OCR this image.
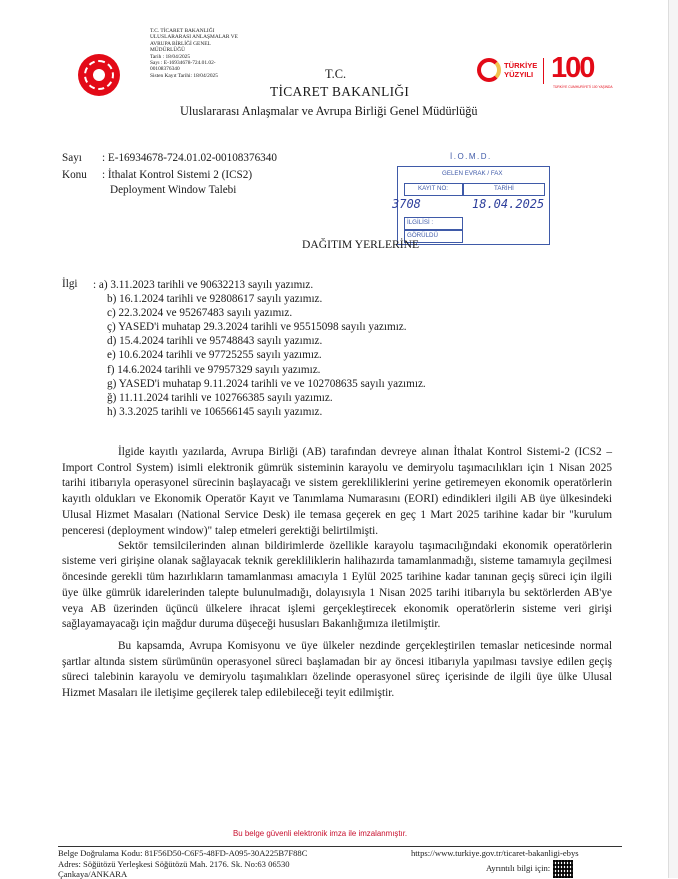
T.C. TİCARET BAKANLIĞI
ULUSLARARASI ANLAŞMALAR VE
AVRUPA BİRLİĞİ GENEL
MÜDÜRLÜĞÜ
Tarih : 18/04/2025
Sayı : E-16934678-724.01.02-
00108376340
Sisten Kayıt Tarihi: 18/04/2025	T.C.
TİCARET BAKANLIĞI
Uluslararası Anlaşmalar ve Avrupa Birliği Genel Müdürlüğü
TÜRKİYE
YÜZYILI 100
TÜRKİYE CUMHURİYETİ 100 YAŞINDA
Sayı : E-16934678-724.01.02-00108376340
Konu : İthalat Kontrol Sistemi 2 (ICS2)
Deployment Window Talebi
İ.O.M.D.
GELEN EVRAK / FAX
KAYIT NO:	TARİHİ
3708	18.04.2025
İLGİLİSİ :
GÖRÜLDÜ
DAĞITIM YERLERİNE
İlgi : a) 3.11.2023 tarihli ve 90632213 sayılı yazımız.
b) 16.1.2024 tarihli ve 92808617 sayılı yazımız.
c) 22.3.2024 ve 95267483 sayılı yazımız.
ç) YASED'i muhatap 29.3.2024 tarihli ve 95515098 sayılı yazımız.
d) 15.4.2024 tarihli ve 95748843 sayılı yazımız.
e) 10.6.2024 tarihli ve 97725255 sayılı yazımız.
f) 14.6.2024 tarihli ve 97957329 sayılı yazımız.
g) YASED'i muhatap 9.11.2024 tarihli ve ve 102708635 sayılı yazımız.
ğ) 11.11.2024 tarihli ve 102766385 sayılı yazımız.
h) 3.3.2025 tarihli ve 106566145 sayılı yazımız.

İlgide kayıtlı yazılarda, Avrupa Birliği (AB) tarafından devreye alınan İthalat Kontrol Sistemi-2 (ICS2 – Import Control System) isimli elektronik gümrük sisteminin karayolu ve demiryolu taşımacılıkları için 1 Nisan 2025 tarihi itibarıyla operasyonel sürecinin başlayacağı ve sistem gerekliliklerini yerine getiremeyen ekonomik operatörlerin kayıtlı oldukları ve Ekonomik Operatör Kayıt ve Tanımlama Numarasını (EORI) edindikleri ilgili AB üye ülkesindeki Ulusal Hizmet Masaları (National Service Desk) ile temasa geçerek en geç 1 Mart 2025 tarihine kadar bir "kurulum penceresi (deployment window)" talep etmeleri gerektiği belirtilmişti.

Sektör temsilcilerinden alınan bildirimlerde özellikle karayolu taşımacılığındaki ekonomik operatörlerin sisteme veri girişine olanak sağlayacak teknik gerekliliklerin halihazırda tamamlanmadığı, sisteme tamamıyla geçilmesi öncesinde gerekli tüm hazırlıkların tamamlanması amacıyla 1 Eylül 2025 tarihine kadar tanınan geçiş süreci için ilgili üye ülke gümrük idarelerinden talepte bulunulmadığı, dolayısıyla 1 Nisan 2025 tarihi itibarıyla bu sektörlerden AB'ye veya AB üzerinden üçüncü ülkelere ihracat işlemi gerçekleştirecek ekonomik operatörlerin sisteme veri girişi sağlayamayacağı için mağdur duruma düşeceği hususları Bakanlığımıza iletilmiştir.

Bu kapsamda, Avrupa Komisyonu ve üye ülkeler nezdinde gerçekleştirilen temaslar neticesinde normal şartlar altında sistem sürümünün operasyonel süreci başlamadan bir ay öncesi itibarıyla yapılması tavsiye edilen geçiş süreci talebinin karayolu ve demiryolu taşımalıkları özelinde operasyonel süreç içerisinde de ilgili üye ülke Ulusal Hizmet Masaları ile iletişime geçilerek talep edilebileceği teyit edilmiştir.

Bu belge güvenli elektronik imza ile imzalanmıştır.
Belge Doğrulama Kodu: 81F56D50-C6F5-48FD-A095-30A225B7F88C	https://www.turkiye.gov.tr/ticaret-bakanligi-ebys
Adres: Söğütözü Yerleşkesi Söğütözü Mah. 2176. Sk. No:63 06530
Çankaya/ANKARA
Ayrıntılı bilgi için:
